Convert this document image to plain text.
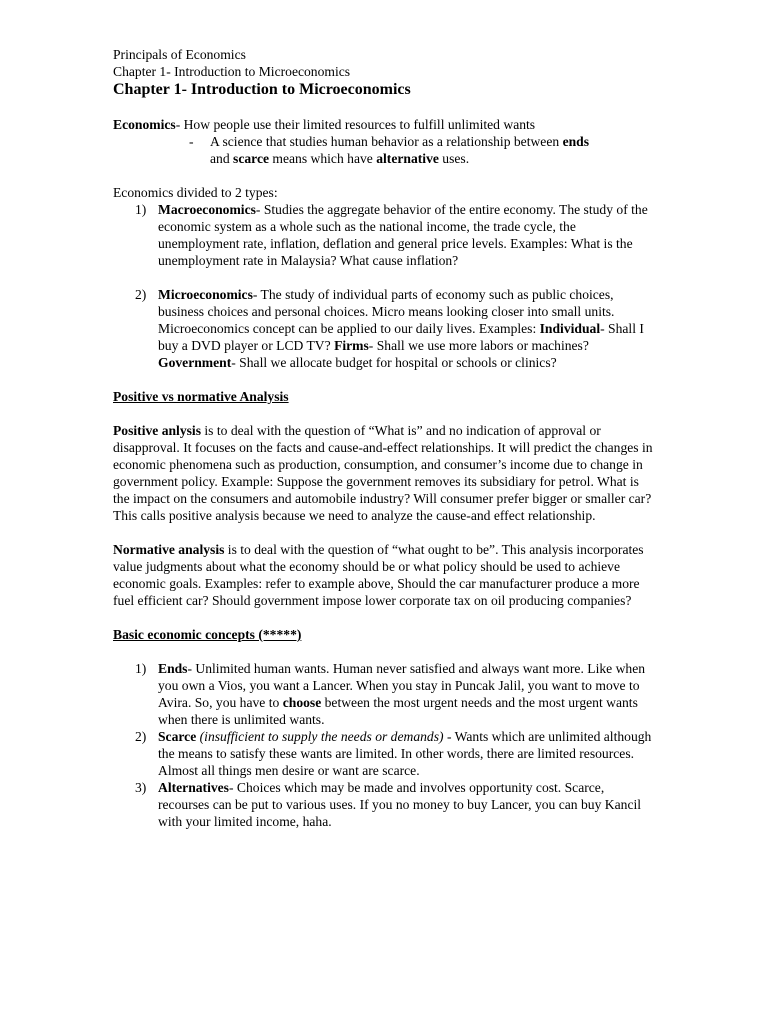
Principals of Economics

Chapter 1- Introduction to Microeconomics

Chapter 1- Introduction to Microeconomics

Economics- How people use their limited resources to fulfill unlimited wants

- A science that studies human behavior as a relationship between ends
and scarce means which have alternative uses.

Economics divided to 2 types:

1) Macroeconomics- Studies the aggregate behavior of the entire economy. The study of the economic system as a whole such as the national income, the trade cycle, the unemployment rate, inflation, deflation and general price levels. Examples: What is the unemployment rate in Malaysia? What cause inflation?
2) Microeconomics- The study of individual parts of economy such as public choices, business choices and personal choices. Micro means looking closer into small units. Microeconomics concept can be applied to our daily lives. Examples: Individual- Shall I buy a DVD player or LCD TV? Firms- Shall we use more labors or machines? Government- Shall we allocate budget for hospital or schools or clinics?

Positive vs normative Analysis

Positive anlysis is to deal with the question of “What is” and no indication of approval or disapproval. It focuses on the facts and cause-and-effect relationships. It will predict the changes in economic phenomena such as production, consumption, and consumer’s income due to change in government policy. Example: Suppose the government removes its subsidiary for petrol. What is the impact on the consumers and automobile industry? Will consumer prefer bigger or smaller car? This calls positive analysis because we need to analyze the cause-and effect relationship.

Normative analysis is to deal with the question of “what ought to be”. This analysis incorporates value judgments about what the economy should be or what policy should be used to achieve economic goals. Examples: refer to example above, Should the car manufacturer produce a more fuel efficient car? Should government impose lower corporate tax on oil producing companies?

Basic economic concepts (*****)

1) Ends- Unlimited human wants. Human never satisfied and always want more. Like when you own a Vios, you want a Lancer. When you stay in Puncak Jalil, you want to move to Avira. So, you have to choose between the most urgent needs and the most urgent wants when there is unlimited wants.
2) Scarce (insufficient to supply the needs or demands) - Wants which are unlimited although the means to satisfy these wants are limited. In other words, there are limited resources. Almost all things men desire or want are scarce.
3) Alternatives- Choices which may be made and involves opportunity cost. Scarce, recourses can be put to various uses. If you no money to buy Lancer, you can buy Kancil with your limited income, haha.
